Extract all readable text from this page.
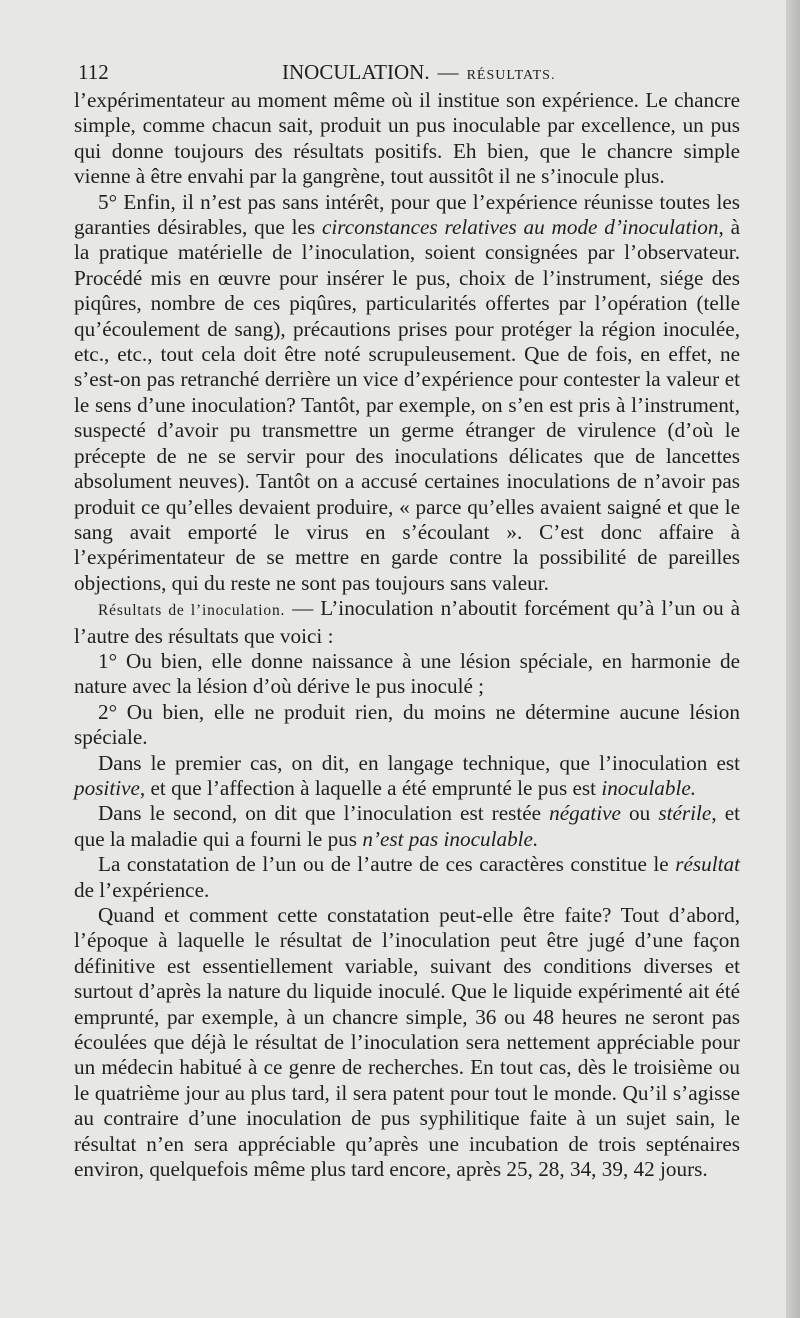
112	INOCULATION. — RÉSULTATS.

l’expérimentateur au moment même où il institue son expérience. Le chancre simple, comme chacun sait, produit un pus inoculable par excellence, un pus qui donne toujours des résultats positifs. Eh bien, que le chancre simple vienne à être envahi par la gangrène, tout aussitôt il ne s’inocule plus.

5° Enfin, il n’est pas sans intérêt, pour que l’expérience réunisse toutes les garanties désirables, que les circonstances relatives au mode d’inoculation, à la pratique matérielle de l’inoculation, soient consignées par l’observateur. Procédé mis en œuvre pour insérer le pus, choix de l’instrument, siége des piqûres, nombre de ces piqûres, particularités offertes par l’opération (telle qu’écoulement de sang), précautions prises pour protéger la région inoculée, etc., etc., tout cela doit être noté scrupuleusement. Que de fois, en effet, ne s’est-on pas retranché derrière un vice d’expérience pour contester la valeur et le sens d’une inoculation? Tantôt, par exemple, on s’en est pris à l’instrument, suspecté d’avoir pu transmettre un germe étranger de virulence (d’où le précepte de ne se servir pour des inoculations délicates que de lancettes absolument neuves). Tantôt on a accusé certaines inoculations de n’avoir pas produit ce qu’elles devaient produire, « parce qu’elles avaient saigné et que le sang avait emporté le virus en s’écoulant ». C’est donc affaire à l’expérimentateur de se mettre en garde contre la possibilité de pareilles objections, qui du reste ne sont pas toujours sans valeur.

Résultats de l’inoculation. — L’inoculation n’aboutit forcément qu’à l’un ou à l’autre des résultats que voici :

1° Ou bien, elle donne naissance à une lésion spéciale, en harmonie de nature avec la lésion d’où dérive le pus inoculé ;

2° Ou bien, elle ne produit rien, du moins ne détermine aucune lésion spéciale.

Dans le premier cas, on dit, en langage technique, que l’inoculation est positive, et que l’affection à laquelle a été emprunté le pus est inoculable.

Dans le second, on dit que l’inoculation est restée négative ou stérile, et que la maladie qui a fourni le pus n’est pas inoculable.

La constatation de l’un ou de l’autre de ces caractères constitue le résultat de l’expérience.

Quand et comment cette constatation peut-elle être faite? Tout d’abord, l’époque à laquelle le résultat de l’inoculation peut être jugé d’une façon définitive est essentiellement variable, suivant des conditions diverses et surtout d’après la nature du liquide inoculé. Que le liquide expérimenté ait été emprunté, par exemple, à un chancre simple, 36 ou 48 heures ne seront pas écoulées que déjà le résultat de l’inoculation sera nettement appréciable pour un médecin habitué à ce genre de recherches. En tout cas, dès le troisième ou le quatrième jour au plus tard, il sera patent pour tout le monde. Qu’il s’agisse au contraire d’une inoculation de pus syphilitique faite à un sujet sain, le résultat n’en sera appréciable qu’après une incubation de trois septénaires environ, quelquefois même plus tard encore, après 25, 28, 34, 39, 42 jours.
